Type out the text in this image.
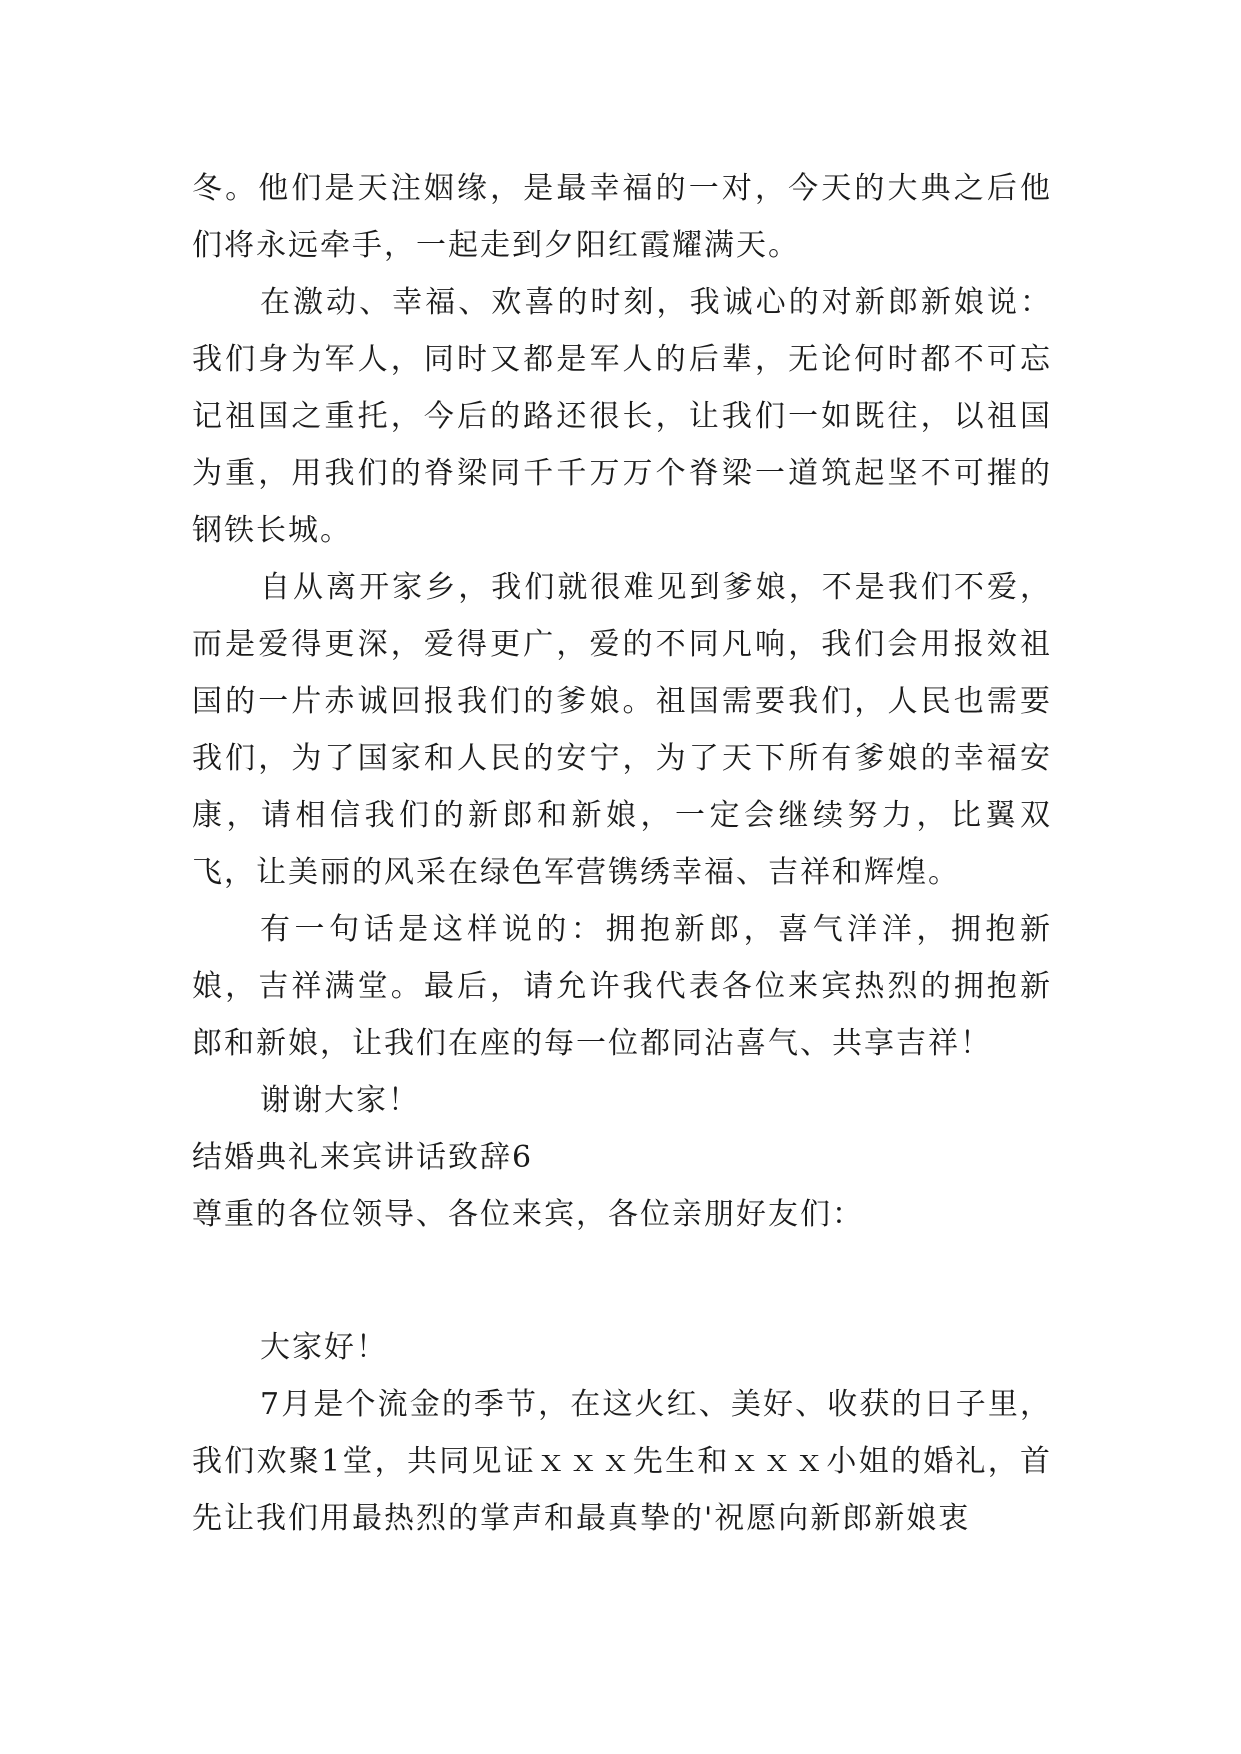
冬。他们是天注姻缘，是最幸福的一对，今天的大典之后他们将永远牵手，一起走到夕阳红霞耀满天。

在激动、幸福、欢喜的时刻，我诚心的对新郎新娘说：我们身为军人，同时又都是军人的后辈，无论何时都不可忘记祖国之重托，今后的路还很长，让我们一如既往，以祖国为重，用我们的脊梁同千千万万个脊梁一道筑起坚不可摧的钢铁长城。

自从离开家乡，我们就很难见到爹娘，不是我们不爱，而是爱得更深，爱得更广，爱的不同凡响，我们会用报效祖国的一片赤诚回报我们的爹娘。祖国需要我们，人民也需要我们，为了国家和人民的安宁，为了天下所有爹娘的幸福安康，请相信我们的新郎和新娘，一定会继续努力，比翼双飞，让美丽的风采在绿色军营镌绣幸福、吉祥和辉煌。

有一句话是这样说的：拥抱新郎，喜气洋洋，拥抱新娘，吉祥满堂。最后，请允许我代表各位来宾热烈的拥抱新郎和新娘，让我们在座的每一位都同沾喜气、共享吉祥！

谢谢大家！

结婚典礼来宾讲话致辞6

尊重的各位领导、各位来宾，各位亲朋好友们：

大家好！

7月是个流金的季节，在这火红、美好、收获的日子里，我们欢聚1堂，共同见证ｘｘｘ先生和ｘｘｘ小姐的婚礼，首先让我们用最热烈的掌声和最真挚的'祝愿向新郎新娘衷
